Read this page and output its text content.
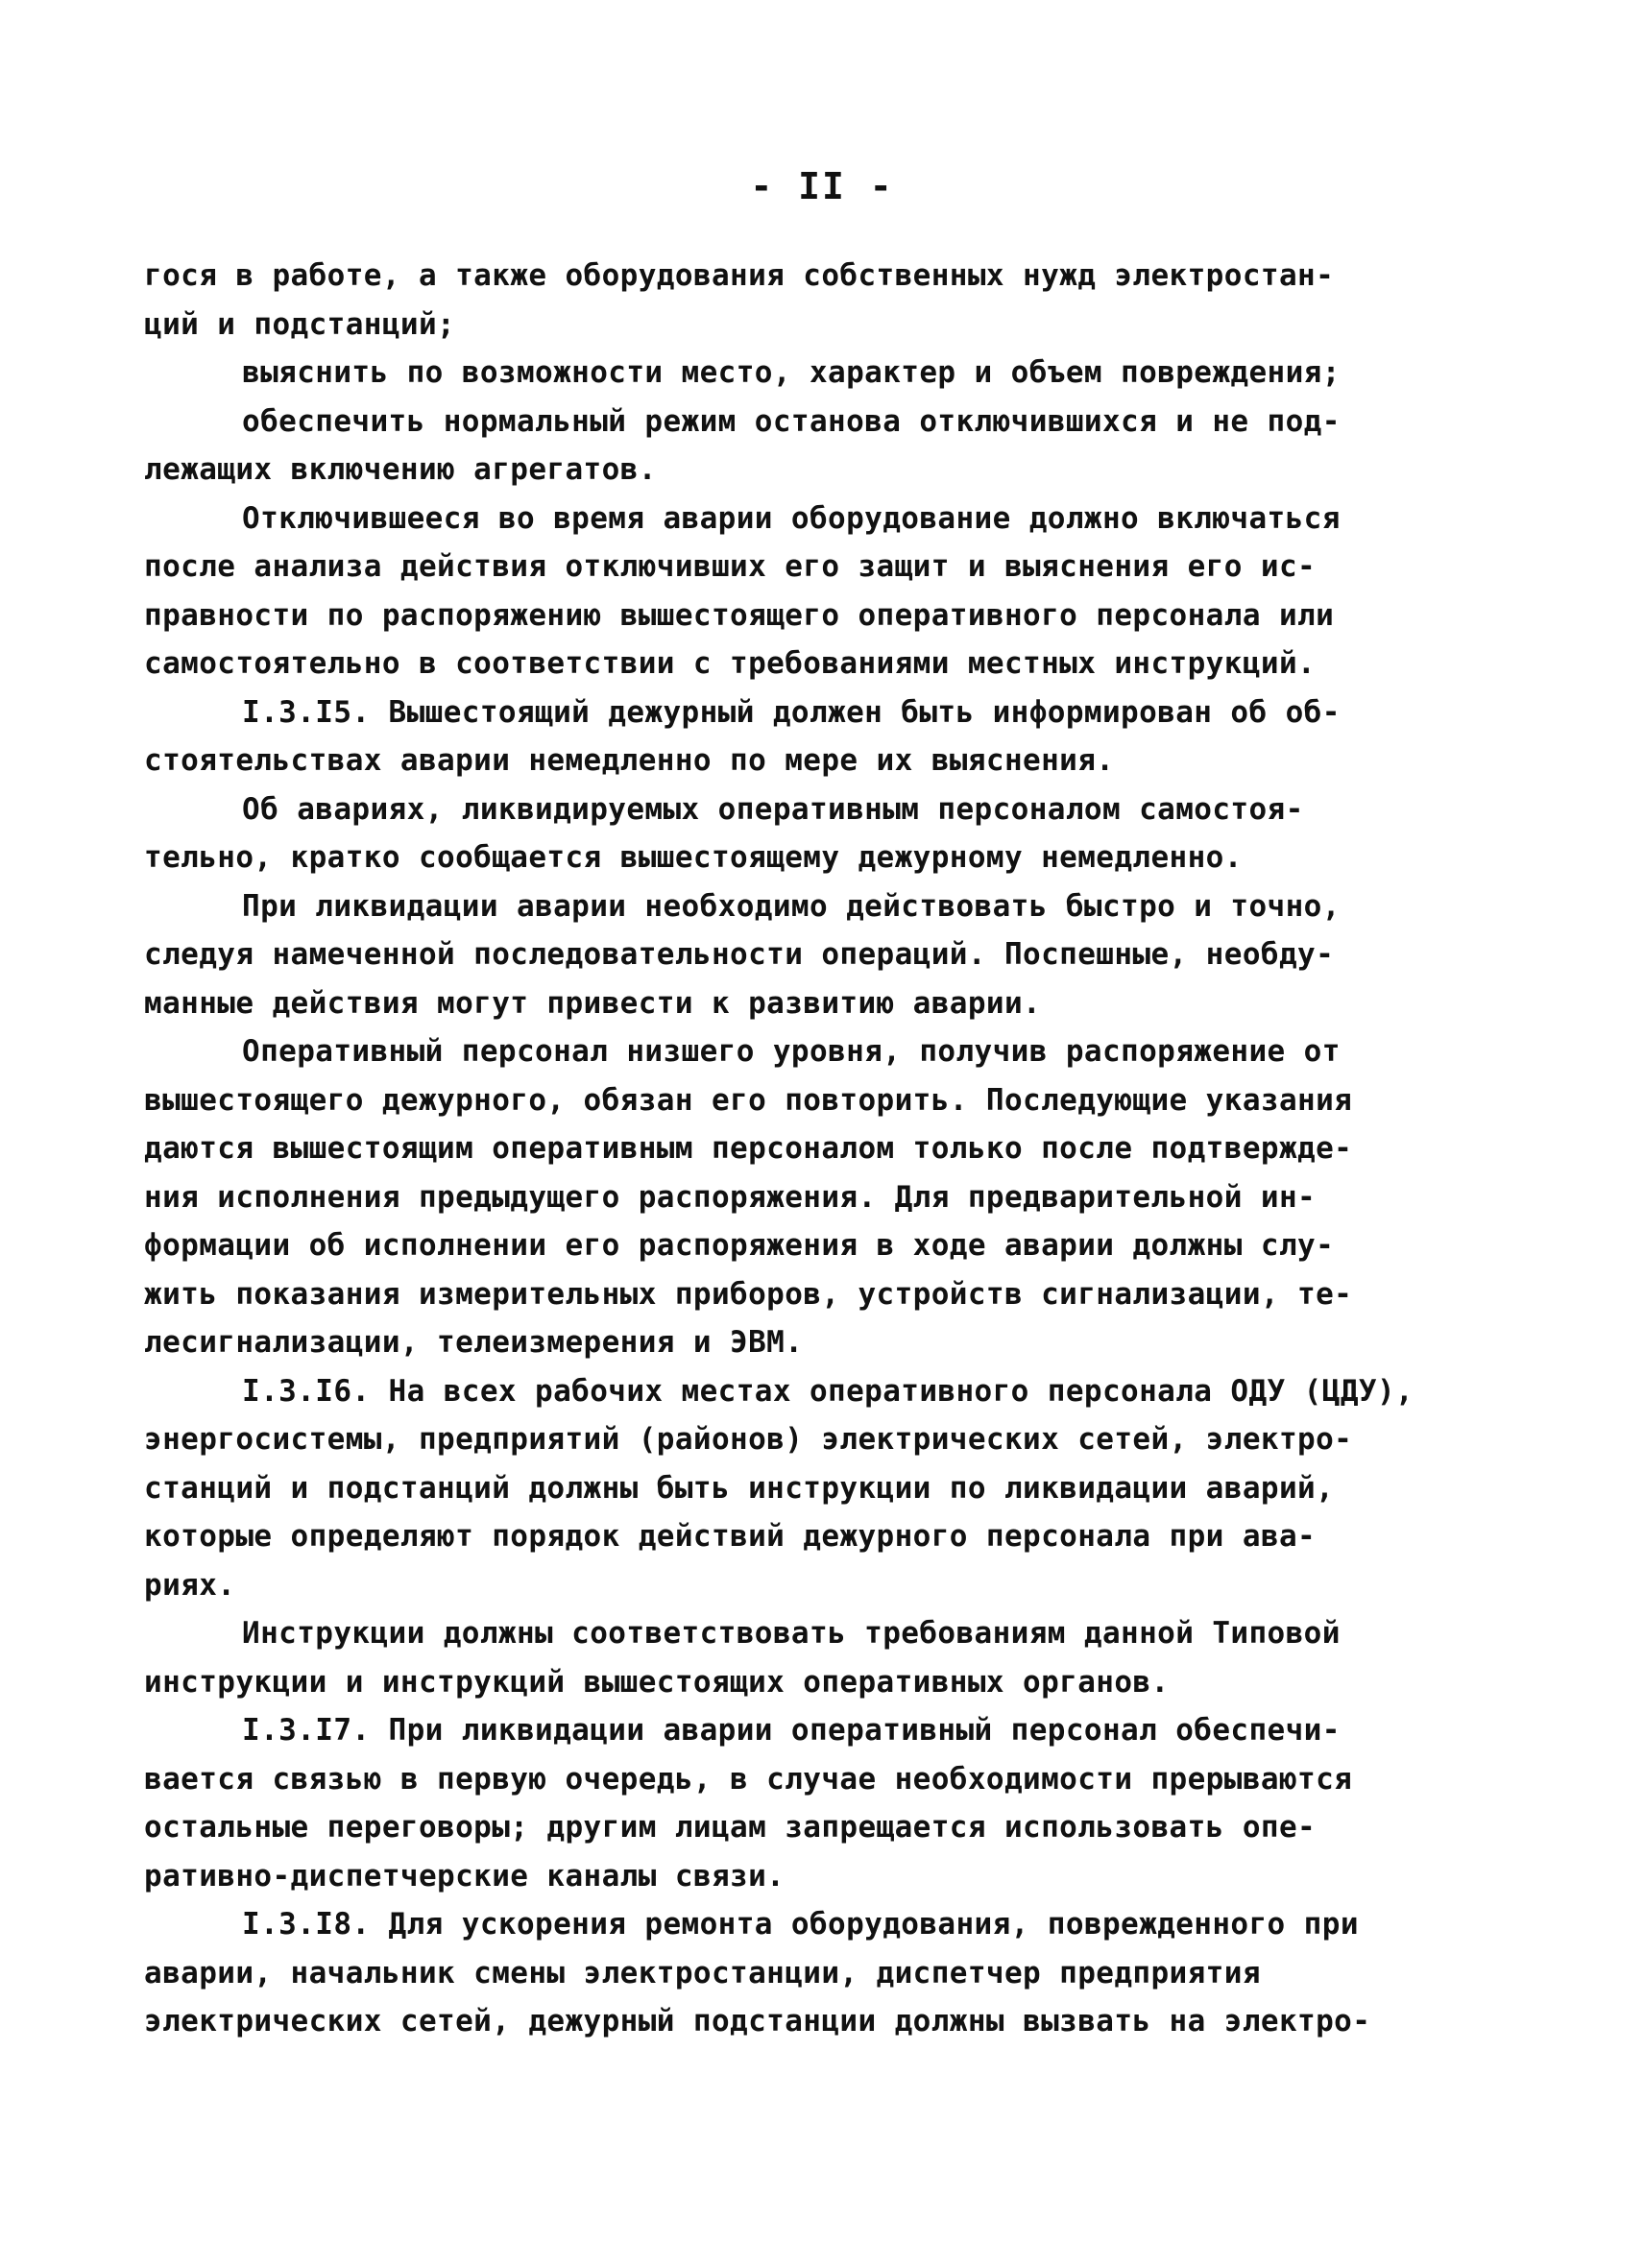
- II -
гося в работе, а также оборудования собственных нужд электростан-
ций и подстанций;
выяснить по возможности место, характер и объем повреждения;
обеспечить нормальный режим останова отключившихся и не под-
лежащих включению агрегатов.
Отключившееся во время аварии оборудование должно включаться
после анализа действия отключивших его защит и выяснения его ис-
правности по распоряжению вышестоящего оперативного персонала или
самостоятельно в соответствии с требованиями местных инструкций.
I.3.I5. Вышестоящий дежурный должен быть информирован об об-
стоятельствах аварии немедленно по мере их выяснения.
Об авариях, ликвидируемых оперативным персоналом самостоя-
тельно, кратко сообщается вышестоящему дежурному немедленно.
При ликвидации аварии необходимо действовать быстро и точно,
следуя намеченной последовательности операций. Поспешные, необду-
манные действия могут привести к развитию аварии.
Оперативный персонал низшего уровня, получив распоряжение от
вышестоящего дежурного, обязан его повторить. Последующие указания
даются вышестоящим оперативным персоналом только после подтвержде-
ния исполнения предыдущего распоряжения. Для предварительной ин-
формации об исполнении его распоряжения в ходе аварии должны слу-
жить показания измерительных приборов, устройств сигнализации, те-
лесигнализации, телеизмерения и ЭВМ.
I.3.I6. На всех рабочих местах оперативного персонала ОДУ (ЦДУ),
энергосистемы, предприятий (районов) электрических сетей, электро-
станций и подстанций должны быть инструкции по ликвидации аварий,
которые определяют порядок действий дежурного персонала при ава-
риях.
Инструкции должны соответствовать требованиям данной Типовой
инструкции и инструкций вышестоящих оперативных органов.
I.3.I7. При ликвидации аварии оперативный персонал обеспечи-
вается связью в первую очередь, в случае необходимости прерываются
остальные переговоры; другим лицам запрещается использовать опе-
ративно-диспетчерские каналы связи.
I.3.I8. Для ускорения ремонта оборудования, поврежденного при
аварии, начальник смены электростанции, диспетчер предприятия
электрических сетей, дежурный подстанции должны вызвать на электро-
